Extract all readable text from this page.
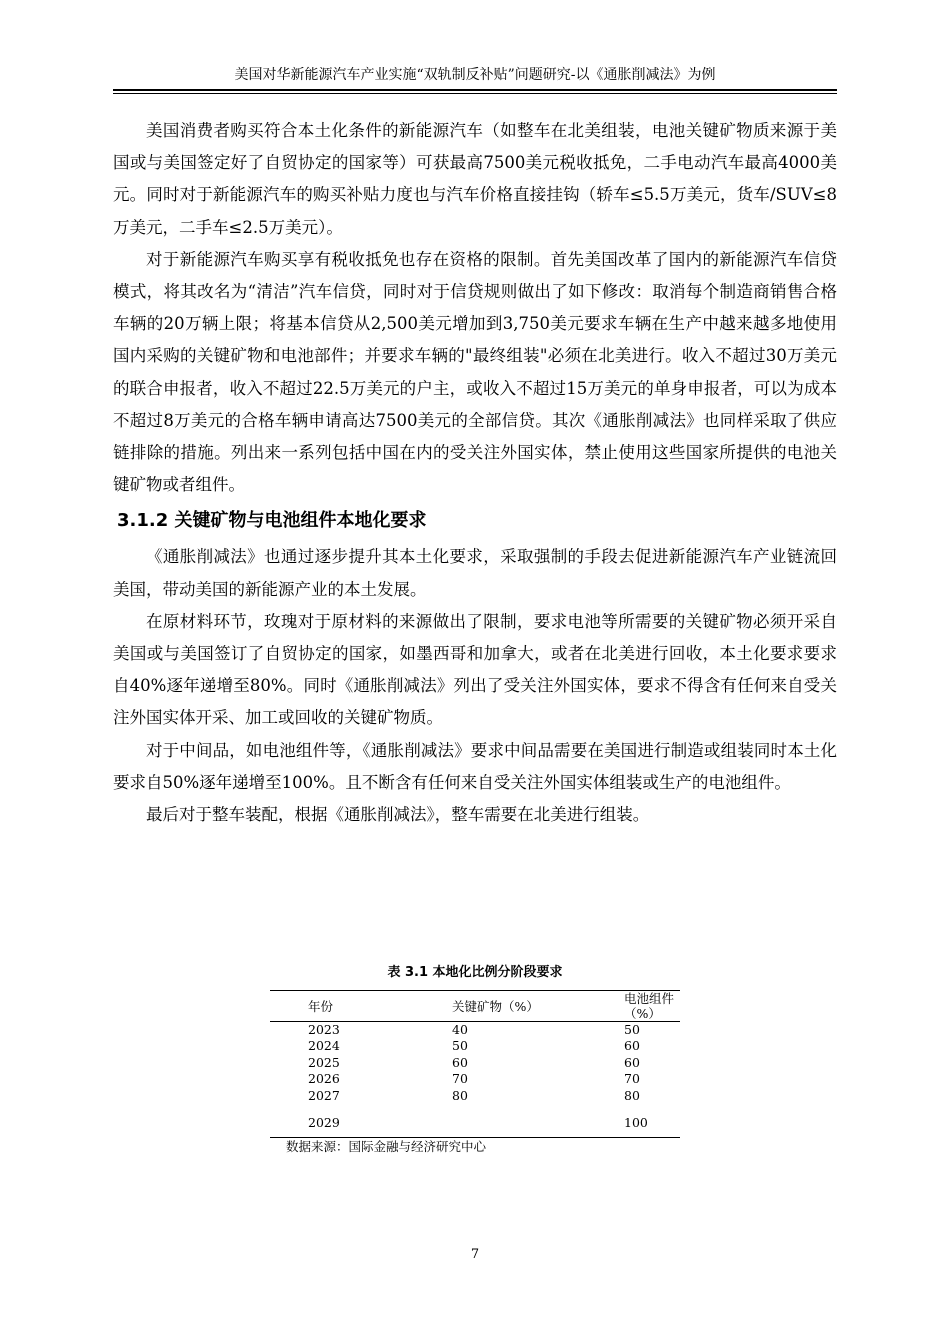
美国对华新能源汽车产业实施“双轨制反补贴”问题研究-以《通胀削减法》为例

美国消费者购买符合本土化条件的新能源汽车（如整车在北美组装，电池关键矿物质来源于美国或与美国签定好了自贸协定的国家等）可获最高7500美元税收抵免，二手电动汽车最高4000美元。同时对于新能源汽车的购买补贴力度也与汽车价格直接挂钩（轿车≤5.5万美元，货车/SUV≤8万美元，二手车≤2.5万美元）。

对于新能源汽车购买享有税收抵免也存在资格的限制。首先美国改革了国内的新能源汽车信贷模式，将其改名为“清洁”汽车信贷，同时对于信贷规则做出了如下修改：取消每个制造商销售合格车辆的20万辆上限；将基本信贷从2,500美元增加到3,750美元要求车辆在生产中越来越多地使用国内采购的关键矿物和电池部件；并要求车辆的"最终组装"必须在北美进行。收入不超过30万美元的联合申报者，收入不超过22.5万美元的户主，或收入不超过15万美元的单身申报者，可以为成本不超过8万美元的合格车辆申请高达7500美元的全部信贷。其次《通胀削减法》也同样采取了供应链排除的措施。列出来一系列包括中国在内的受关注外国实体，禁止使用这些国家所提供的电池关键矿物或者组件。

3.1.2 关键矿物与电池组件本地化要求

《通胀削减法》也通过逐步提升其本土化要求，采取强制的手段去促进新能源汽车产业链流回美国，带动美国的新能源产业的本土发展。

在原材料环节，玫瑰对于原材料的来源做出了限制，要求电池等所需要的关键矿物必须开采自美国或与美国签订了自贸协定的国家，如墨西哥和加拿大，或者在北美进行回收，本土化要求要求自40%逐年递增至80%。同时《通胀削减法》列出了受关注外国实体，要求不得含有任何来自受关注外国实体开采、加工或回收的关键矿物质。

对于中间品，如电池组件等，《通胀削减法》要求中间品需要在美国进行制造或组装同时本土化要求自50%逐年递增至100%。且不断含有任何来自受关注外国实体组装或生产的电池组件。

最后对于整车装配，根据《通胀削减法》，整车需要在北美进行组装。

表 3.1 本地化比例分阶段要求
年份	关键矿物（%）	电池组件（%）
2023	40	50
2024	50	60
2025	60	60
2026	70	70
2027	80	80
2029		100
数据来源：国际金融与经济研究中心
7
